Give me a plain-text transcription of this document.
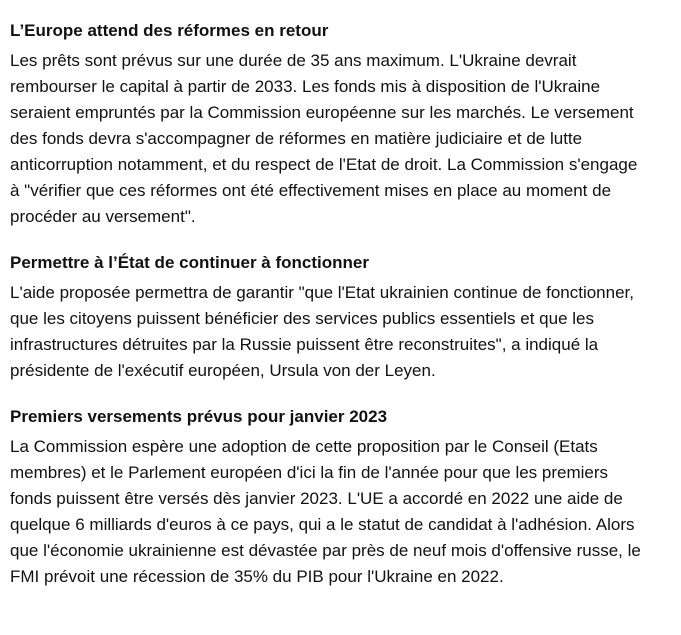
L’Europe attend des réformes en retour

Les prêts sont prévus sur une durée de 35 ans maximum. L'Ukraine devrait rembourser le capital à partir de 2033. Les fonds mis à disposition de l'Ukraine seraient empruntés par la Commission européenne sur les marchés. Le versement des fonds devra s'accompagner de réformes en matière judiciaire et de lutte anticorruption notamment, et du respect de l'Etat de droit. La Commission s'engage à "vérifier que ces réformes ont été effectivement mises en place au moment de procéder au versement".

Permettre à l’État de continuer à fonctionner

L'aide proposée permettra de garantir "que l'Etat ukrainien continue de fonctionner, que les citoyens puissent bénéficier des services publics essentiels et que les infrastructures détruites par la Russie puissent être reconstruites", a indiqué la présidente de l'exécutif européen, Ursula von der Leyen.

Premiers versements prévus pour janvier 2023

La Commission espère une adoption de cette proposition par le Conseil (Etats membres) et le Parlement européen d'ici la fin de l'année pour que les premiers fonds puissent être versés dès janvier 2023. L'UE a accordé en 2022 une aide de quelque 6 milliards d'euros à ce pays, qui a le statut de candidat à l'adhésion. Alors que l'économie ukrainienne est dévastée par près de neuf mois d'offensive russe, le FMI prévoit une récession de 35% du PIB pour l'Ukraine en 2022.
